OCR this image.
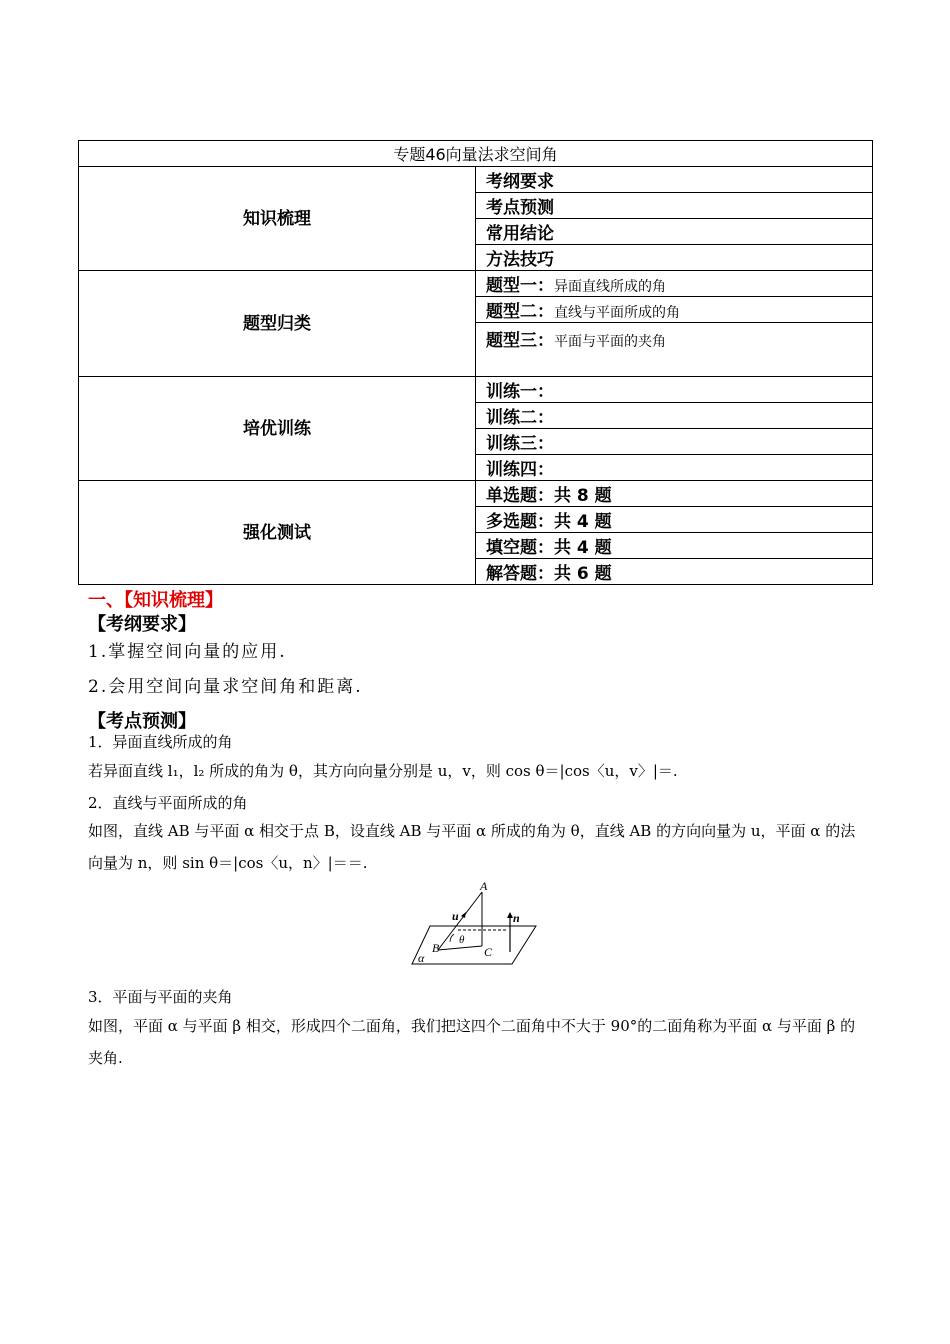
专题46向量法求空间角	
知识梳理	考纲要求
	考点预测
	常用结论
	方法技巧
题型归类	题型一：异面直线所成的角
	题型二：直线与平面所成的角
	题型三：平面与平面的夹角
培优训练	训练一：
	训练二：
	训练三：
	训练四：
强化测试	单选题：共 8 题
	多选题：共 4 题
	填空题：共 4 题
	解答题：共 6 题
一、【知识梳理】
【考纲要求】
1.掌握空间向量的应用.
2.会用空间向量求空间角和距离.
【考点预测】
1．异面直线所成的角
若异面直线 l₁，l₂ 所成的角为 θ，其方向向量分别是 u，v，则 cos θ＝|cos〈u，v〉|＝.
2．直线与平面所成的角
如图，直线 AB 与平面 α 相交于点 B，设直线 AB 与平面 α 所成的角为 θ，直线 AB 的方向向量为 u，平面 α 的法向量为 n，则 sin θ＝|cos〈u，n〉|＝＝.
A
B	C
u	n
θ
α
3．平面与平面的夹角
如图，平面 α 与平面 β 相交，形成四个二面角，我们把这四个二面角中不大于 90°的二面角称为平面 α 与平面 β 的夹角.
